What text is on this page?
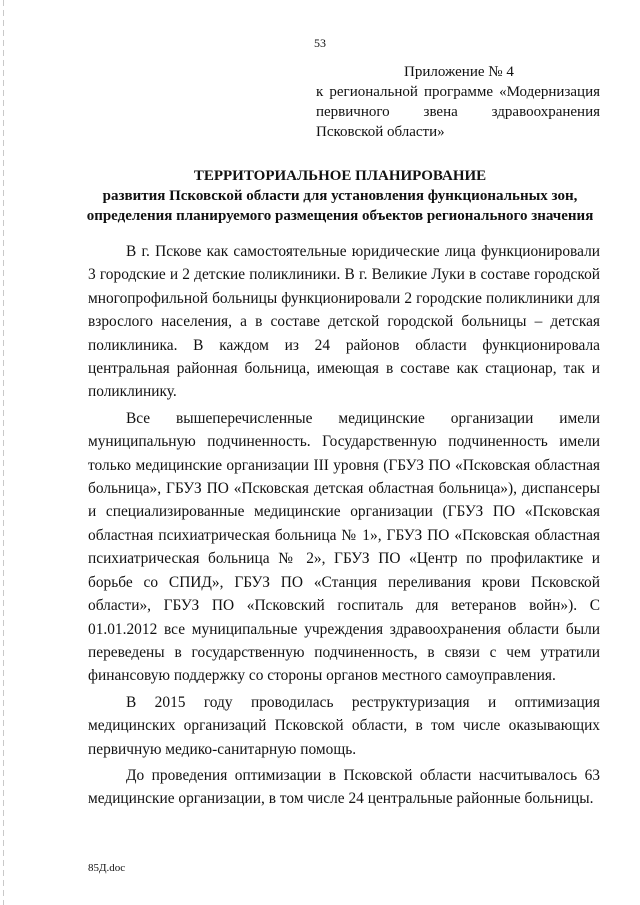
53

Приложение № 4

к региональной программе «Модернизация

первичного звена здравоохранения

Псковской области»

ТЕРРИТОРИАЛЬНОЕ ПЛАНИРОВАНИЕ
развития Псковской области для установления функциональных зон,
определения планируемого размещения объектов регионального значения

В г. Пскове как самостоятельные юридические лица функционировали 3 городские и 2 детские поликлиники. В г. Великие Луки в составе городской многопрофильной больницы функционировали 2 городские поликлиники для взрослого населения, а в составе детской городской больницы – детская поликлиника. В каждом из 24 районов области функционировала центральная районная больница, имеющая в составе как стационар, так и поликлинику.

Все вышеперечисленные медицинские организации имели муниципальную подчиненность. Государственную подчиненность имели только медицинские организации III уровня (ГБУЗ ПО «Псковская областная больница», ГБУЗ ПО «Псковская детская областная больница»), диспансеры и специализированные медицинские организации (ГБУЗ ПО «Псковская областная психиатрическая больница № 1», ГБУЗ ПО «Псковская областная психиатрическая больница № 2», ГБУЗ ПО «Центр по профилактике и борьбе со СПИД», ГБУЗ ПО «Станция переливания крови Псковской области», ГБУЗ ПО «Псковский госпиталь для ветеранов войн»). С 01.01.2012 все муниципальные учреждения здравоохранения области были переведены в государственную подчиненность, в связи с чем утратили финансовую поддержку со стороны органов местного самоуправления.

В 2015 году проводилась реструктуризация и оптимизация медицинских организаций Псковской области, в том числе оказывающих первичную медико-санитарную помощь.

До проведения оптимизации в Псковской области насчитывалось 63 медицинские организации, в том числе 24 центральные районные больницы.

85Д.doc
